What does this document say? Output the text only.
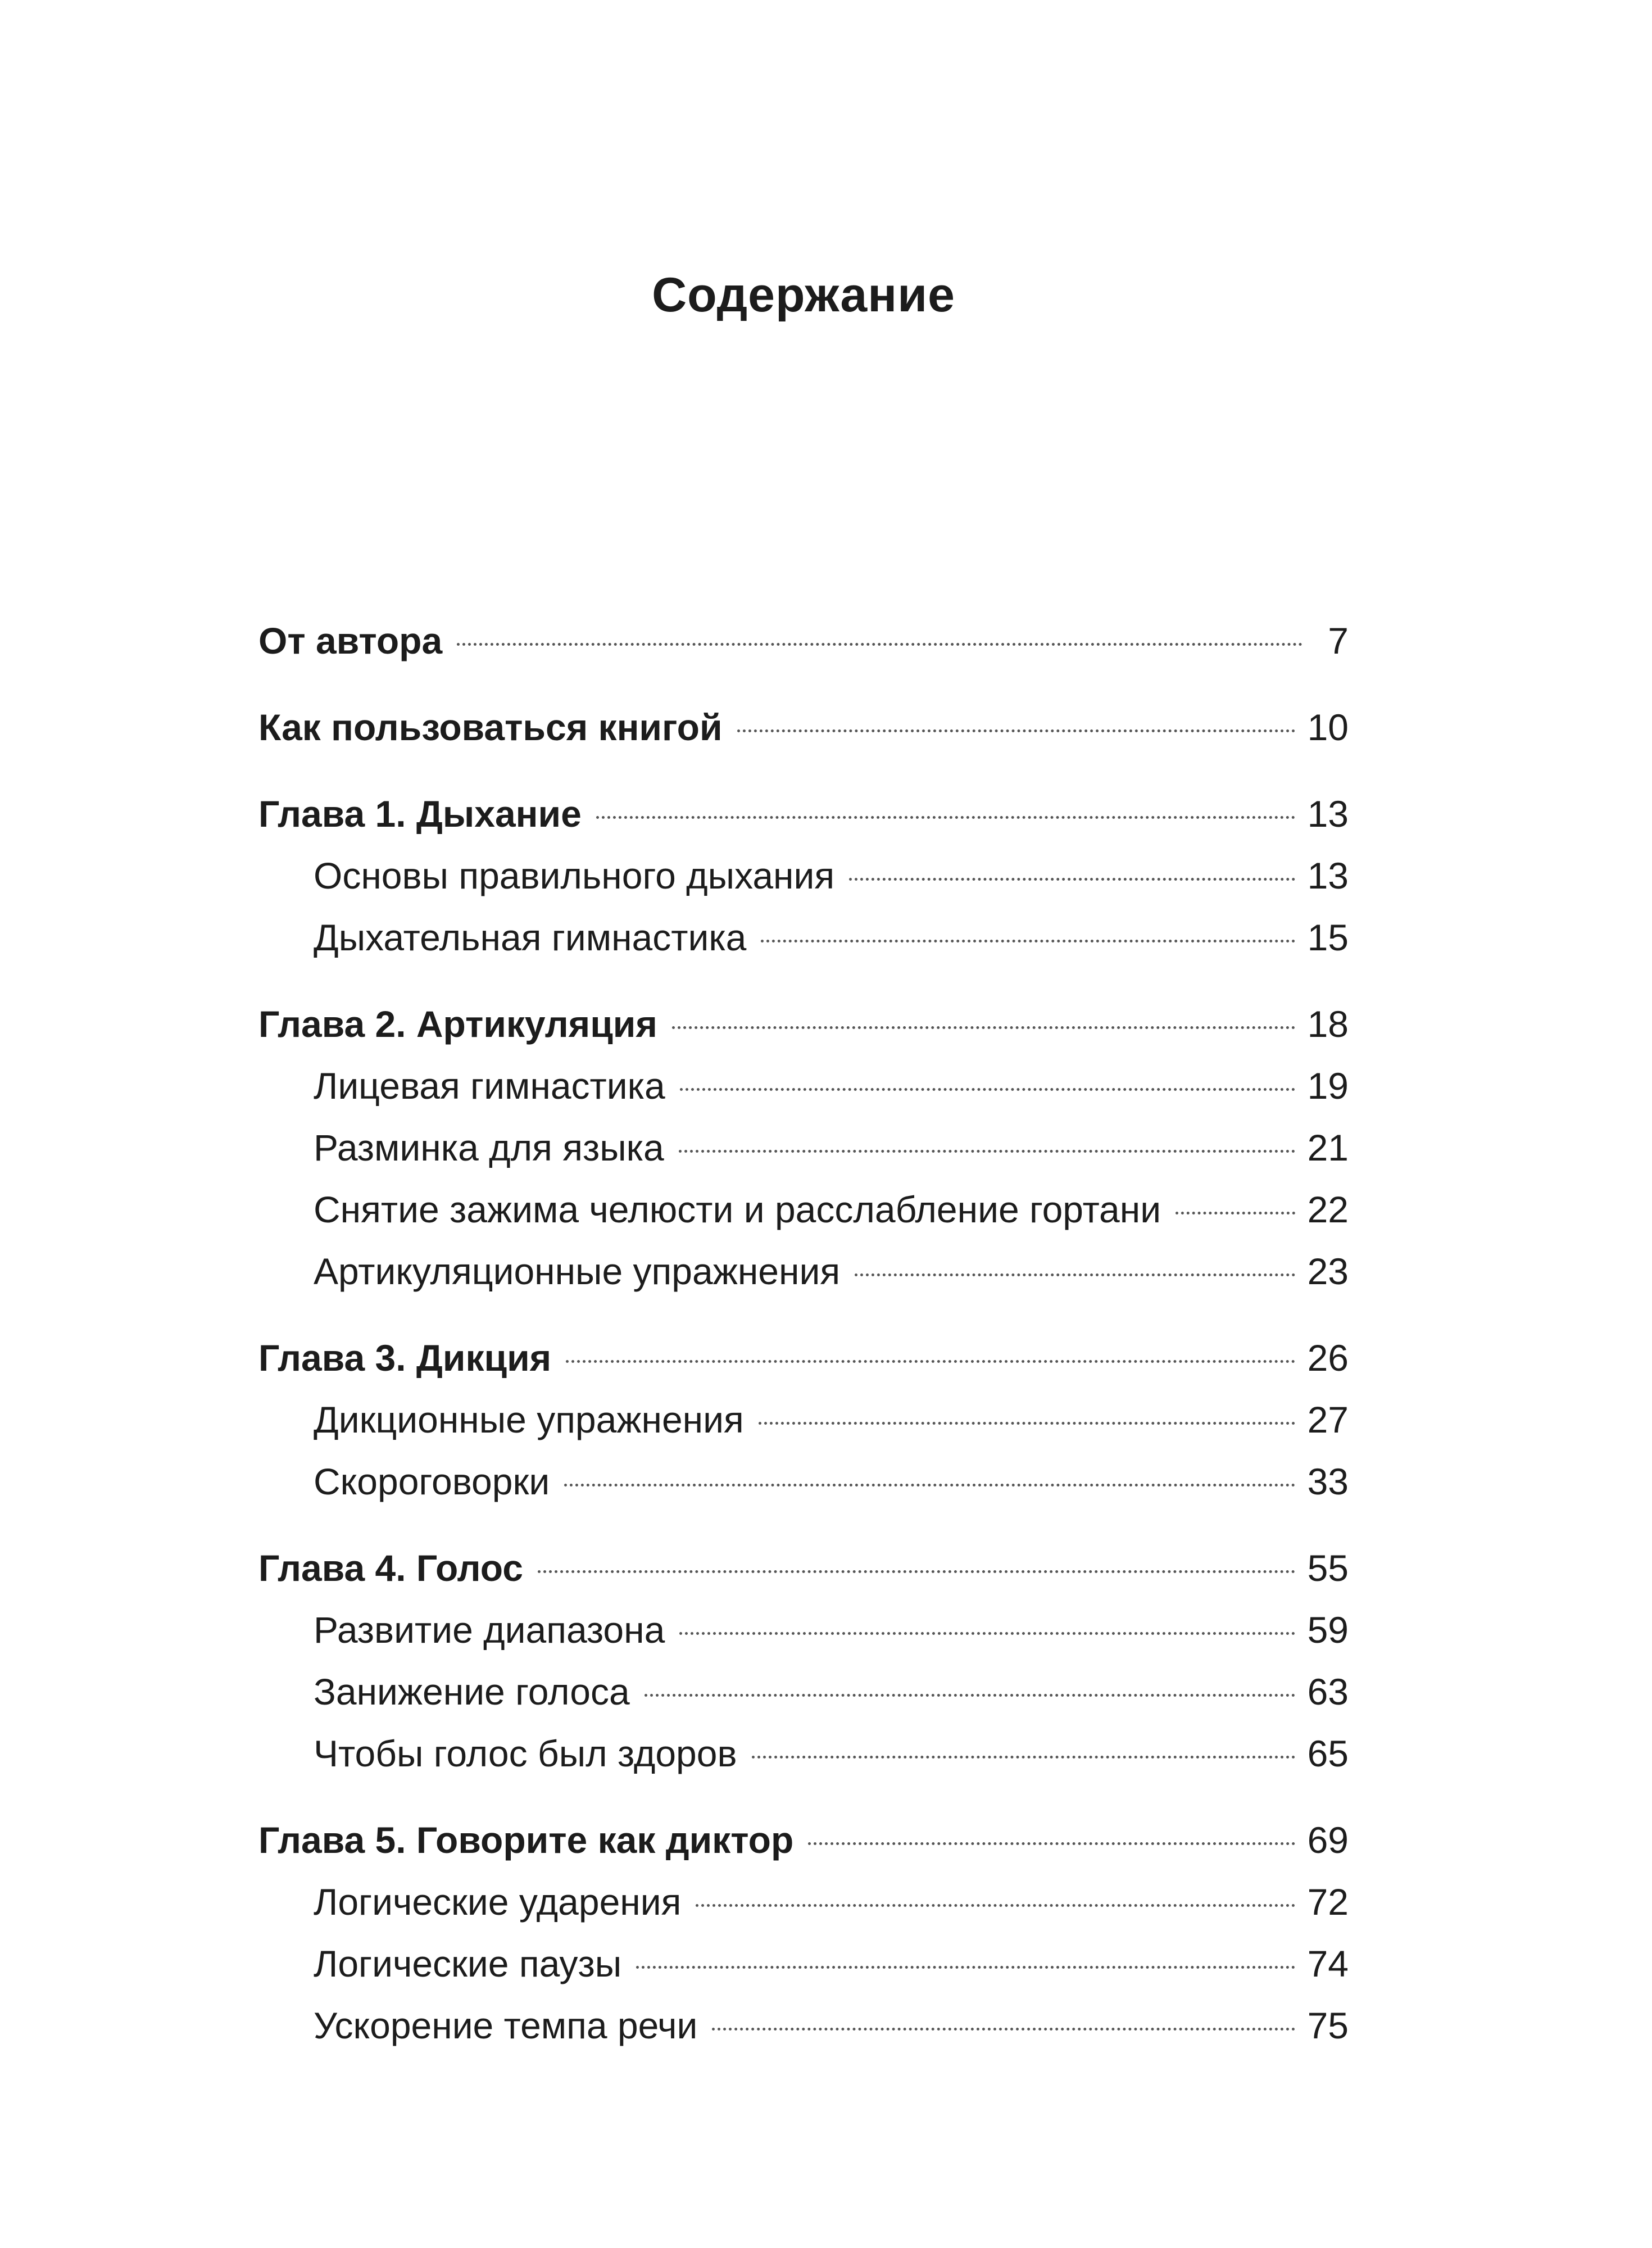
Содержание
От автора	7
Как пользоваться книгой	10
Глава 1. Дыхание	13
Основы правильного дыхания	13
Дыхательная гимнастика	15
Глава 2. Артикуляция	18
Лицевая гимнастика	19
Разминка для языка	21
Снятие зажима челюсти и расслабление гортани	22
Артикуляционные упражнения	23
Глава 3. Дикция	26
Дикционные упражнения	27
Скороговорки	33
Глава 4. Голос	55
Развитие диапазона	59
Занижение голоса	63
Чтобы голос был здоров	65
Глава 5. Говорите как диктор	69
Логические ударения	72
Логические паузы	74
Ускорение темпа речи	75
